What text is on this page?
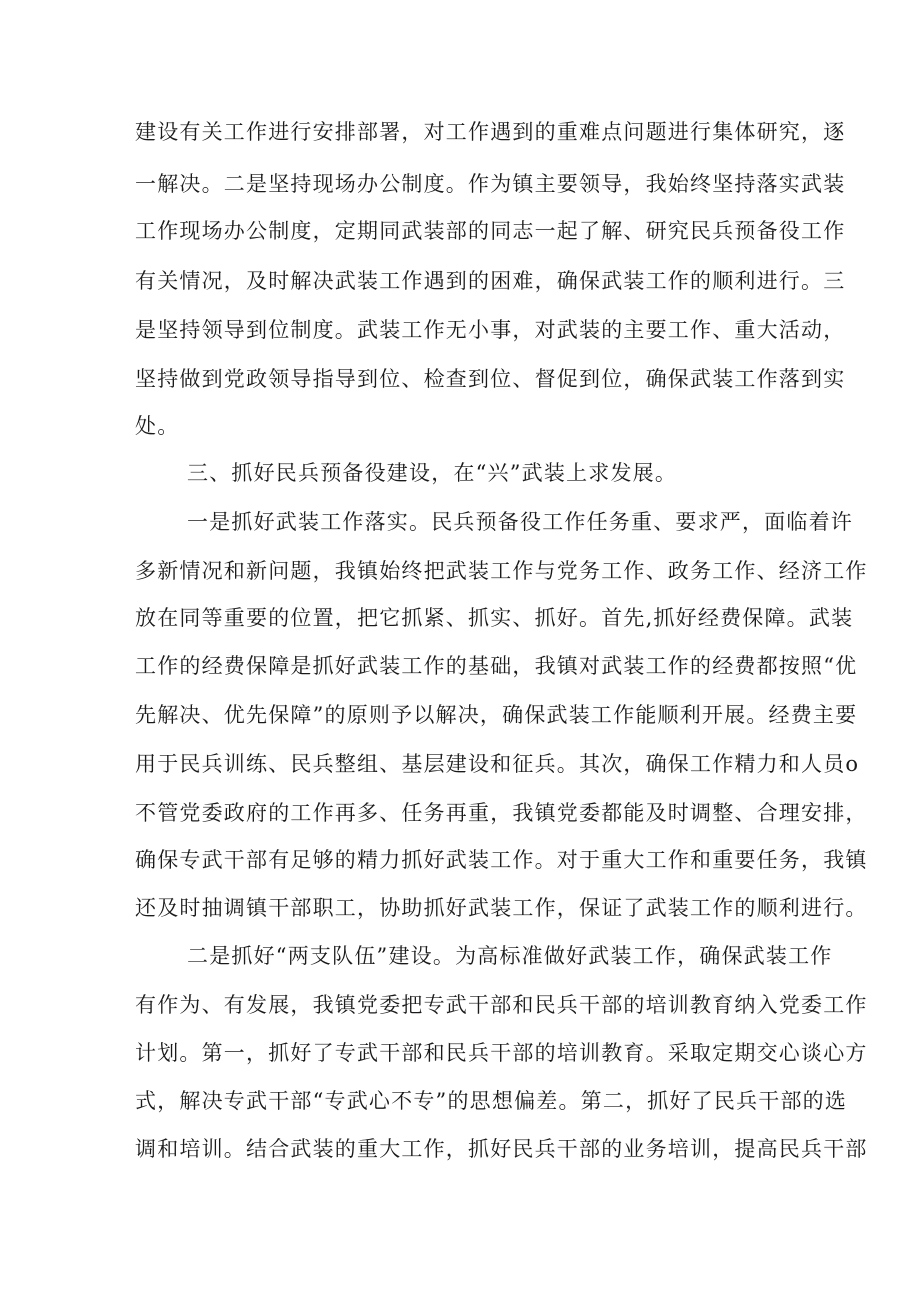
建设有关工作进行安排部署，对工作遇到的重难点问题进行集体研究，逐
一解决。二是坚持现场办公制度。作为镇主要领导，我始终坚持落实武装
工作现场办公制度，定期同武装部的同志一起了解、研究民兵预备役工作
有关情况，及时解决武装工作遇到的困难，确保武装工作的顺利进行。三
是坚持领导到位制度。武装工作无小事，对武装的主要工作、重大活动，
坚持做到党政领导指导到位、检查到位、督促到位，确保武装工作落到实
处。
三、抓好民兵预备役建设，在“兴”武装上求发展。
一是抓好武装工作落实。民兵预备役工作任务重、要求严，面临着许
多新情况和新问题，我镇始终把武装工作与党务工作、政务工作、经济工作
放在同等重要的位置，把它抓紧、抓实、抓好。首先,抓好经费保障。武装
工作的经费保障是抓好武装工作的基础，我镇对武装工作的经费都按照“优
先解决、优先保障”的原则予以解决，确保武装工作能顺利开展。经费主要
用于民兵训练、民兵整组、基层建设和征兵。其次，确保工作精力和人员o
不管党委政府的工作再多、任务再重，我镇党委都能及时调整、合理安排，
确保专武干部有足够的精力抓好武装工作。对于重大工作和重要任务，我镇
还及时抽调镇干部职工，协助抓好武装工作，保证了武装工作的顺利进行。
二是抓好“两支队伍”建设。为高标准做好武装工作，确保武装工作
有作为、有发展，我镇党委把专武干部和民兵干部的培训教育纳入党委工作
计划。第一，抓好了专武干部和民兵干部的培训教育。采取定期交心谈心方
式，解决专武干部“专武心不专”的思想偏差。第二，抓好了民兵干部的选
调和培训。结合武装的重大工作，抓好民兵干部的业务培训，提高民兵干部
